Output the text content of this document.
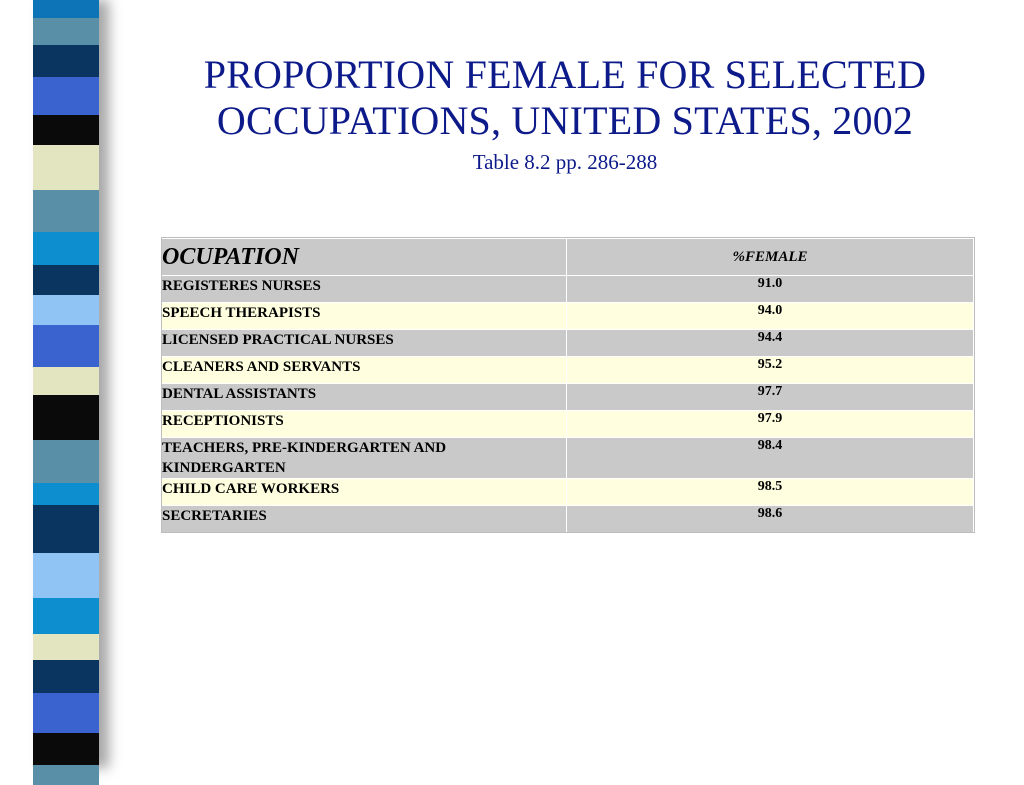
PROPORTION FEMALE FOR SELECTED
OCCUPATIONS, UNITED STATES, 2002
Table 8.2 pp. 286-288
OCUPATION	%FEMALE
REGISTERES NURSES	91.0
SPEECH THERAPISTS	94.0
LICENSED PRACTICAL NURSES	94.4
CLEANERS AND SERVANTS	95.2
DENTAL ASSISTANTS	97.7
RECEPTIONISTS	97.9
TEACHERS, PRE-KINDERGARTEN AND KINDERGARTEN	98.4
CHILD CARE WORKERS	98.5
SECRETARIES	98.6
